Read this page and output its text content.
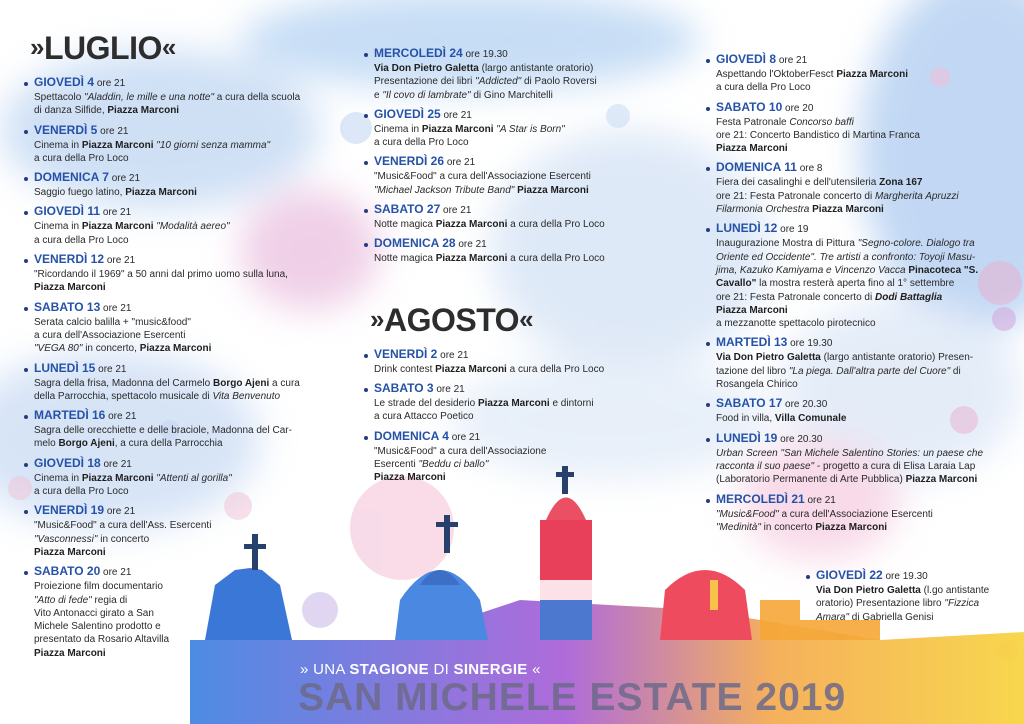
»LUGLIO«
GIOVEDÌ 4 ore 21
Spettacolo "Aladdin, le mille e una notte" a cura della scuola
di danza Silfide, Piazza Marconi
VENERDÌ 5 ore 21
Cinema in Piazza Marconi "10 giorni senza mamma"
a cura della Pro Loco
DOMENICA 7 ore 21
Saggio fuego latino, Piazza Marconi
GIOVEDÌ 11 ore 21
Cinema in Piazza Marconi "Modalità aereo"
a cura della Pro Loco
VENERDÌ 12 ore 21
"Ricordando il 1969" a 50 anni dal primo uomo sulla luna,
Piazza Marconi
SABATO 13 ore 21
Serata calcio balilla + "music&food"
a cura dell'Associazione Esercenti
"VEGA 80" in concerto, Piazza Marconi
LUNEDÌ 15 ore 21
Sagra della frisa, Madonna del Carmelo Borgo Ajeni a cura
della Parrocchia, spettacolo musicale di Vita Benvenuto
MARTEDÌ 16 ore 21
Sagra delle orecchiette e delle braciole, Madonna del Car-
melo Borgo Ajeni, a cura della Parrocchia
GIOVEDÌ 18 ore 21
Cinema in Piazza Marconi "Attenti al gorilla"
a cura della Pro Loco
VENERDÌ 19 ore 21
"Music&Food" a cura dell'Ass. Esercenti
"Vasconnessi" in concerto
Piazza Marconi
SABATO 20 ore 21
Proiezione film documentario
"Atto di fede" regia di
Vito Antonacci girato a San
Michele Salentino prodotto e
presentato da Rosario Altavilla
Piazza Marconi
MERCOLEDÌ 24 ore 19.30
Via Don Pietro Galetta (largo antistante oratorio)
Presentazione dei libri "Addicted" di Paolo Roversi
e "Il covo di lambrate" di Gino Marchitelli
GIOVEDÌ 25 ore 21
Cinema in Piazza Marconi "A Star is Born"
a cura della Pro Loco
VENERDÌ 26 ore 21
"Music&Food" a cura dell'Associazione Esercenti
"Michael Jackson Tribute Band" Piazza Marconi
SABATO 27 ore 21
Notte magica Piazza Marconi a cura della Pro Loco
DOMENICA 28 ore 21
Notte magica Piazza Marconi a cura della Pro Loco
»AGOSTO«
VENERDÌ 2 ore 21
Drink contest Piazza Marconi a cura della Pro Loco
SABATO 3 ore 21
Le strade del desiderio Piazza Marconi e dintorni
a cura Attacco Poetico
DOMENICA 4 ore 21
"Music&Food" a cura dell'Associazione
Esercenti "Beddu ci ballo"
Piazza Marconi
GIOVEDÌ 8 ore 21
Aspettando l'OktoberFesct Piazza Marconi
a cura della Pro Loco
SABATO 10 ore 20
Festa Patronale Concorso baffi
ore 21: Concerto Bandistico di Martina Franca
Piazza Marconi
DOMENICA 11 ore 8
Fiera dei casalinghi e dell'utensileria Zona 167
ore 21: Festa Patronale concerto di Margherita Apruzzi
Filarmonia Orchestra Piazza Marconi
LUNEDÌ 12 ore 19
Inaugurazione Mostra di Pittura "Segno-colore. Dialogo tra
Oriente ed Occidente". Tre artisti a confronto: Toyoji Masu-
jima, Kazuko Kamiyama e Vincenzo Vacca Pinacoteca "S.
Cavallo" la mostra resterà aperta fino al 1° settembre
ore 21: Festa Patronale concerto di Dodi Battaglia
Piazza Marconi
a mezzanotte spettacolo pirotecnico
MARTEDÌ 13 ore 19.30
Via Don Pietro Galetta (largo antistante oratorio) Presen-
tazione del libro "La piega. Dall'altra parte del Cuore" di
Rosangela Chirico
SABATO 17 ore 20.30
Food in villa, Villa Comunale
LUNEDÌ 19 ore 20.30
Urban Screen "San Michele Salentino Stories: un paese che
racconta il suo paese" - progetto a cura di Elisa Laraia Lap
(Laboratorio Permanente di Arte Pubblica) Piazza Marconi
MERCOLEDÌ 21 ore 21
"Music&Food" a cura dell'Associazione Esercenti
"Medinità" in concerto Piazza Marconi
GIOVEDÌ 22 ore 19.30
Via Don Pietro Galetta (l.go antistante
oratorio) Presentazione libro "Fizzica
Amara" di Gabriella Genisi
» UNA STAGIONE DI SINERGIE «
SAN MICHELE ESTATE 2019
